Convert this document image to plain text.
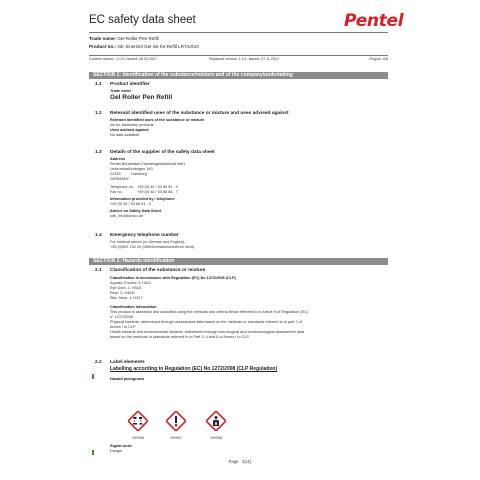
EC safety data sheet	Pentel
Trade name: Gel Roller Pen Refill
Product no.: Ink: EnerGel Gel Ink for Refill LR7/LR10
Current version : 2.0.0, issued: 26.03.2017	Replaced version: 1.0.1, issued: 27.11.2012	Region: GB
SECTION 1: Identification of the substance/mixture and of the company/undertaking
1.1 Product identifier
Trade name
Gel Roller Pen Refill
1.2 Relevant identified uses of the substance or mixture and uses advised against
Relevant identified uses of the substance or mixture
Ink for stationery products
Uses advised against
No data available.
1.3 Details of the supplier of the safety data sheet
Address
Pentel Bürobedarf-Handelsgesellschaft mbH
Ledernstraßenbogen 143
22339          Hamburg
GERMANY
Telephone no. +49 (0) 40 / 53 80 91 - 0
Fax no.	+49 (0) 40 / 53 85 58 - 7
Information provided by / telephone
+49 (0) 40 / 53 80 91 - 0
Advice on Safety Data Sheet
sdb_info@umco.de
1.4 Emergency telephone number
For medical advice (in German and English):
+49 (0)551 192 40 (Giftinformationszentrum Nord)
SECTION 2: Hazards identification
2.1 Classification of the substance or mixture
Classification in accordance with Regulation (EC) No 1272/2008 (CLP)
Aquatic Chronic 3; H412
Eye Dam. 1; H318
Repr. 2; H361f
Skin Sens. 1; H317
Classification information
This product is assessed and classified using the methods and criteria below referred to in Article 9 of Regulation (EC)
n° 1272/2008:
Physical hazards: determined through assessment data based on the methods or standards referred to in part 2 of
Annex I to CLP
Health hazards and environmental hazards: determined through toxicological and ecotoxicological assessment data
based on the methods or standards referred to in Part 3, 4 and 5 of Annex I to CLP.
2.2 Label elements
Labelling according to Regulation (EC) No 1272/2008 (CLP Regulation)
Hazard pictograms
GHS05	GHS07	GHS08
Signal word
Danger
Page   1(11)
